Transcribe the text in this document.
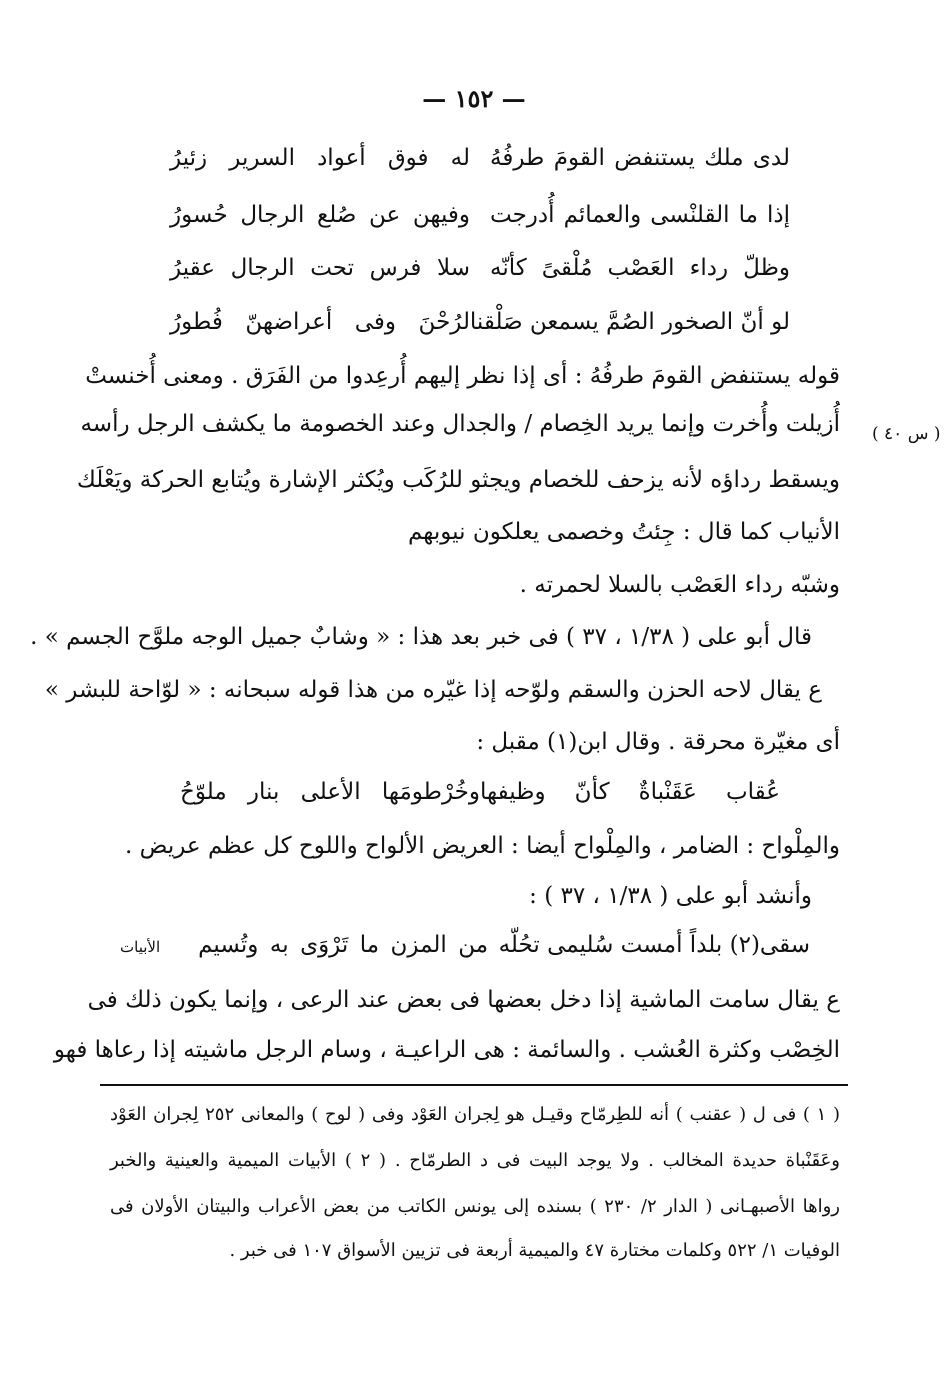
— ١٥٢ —
لدى ملك يستنفض القومَ طرفُهُ
له فوق أعواد السرير زئيرُ
إذا ما القلنْسى والعمائم أُدرجت
وفيهن عن صُلع الرجال حُسورُ
وظلّ رداء العَصْب مُلْقىً كأنّه
سلا فرس تحت الرجال عقيرُ
لو أنّ الصخور الصُمَّ يسمعن صَلْقنا
لرُحْنَ وفى أعراضهنّ فُطورُ
قوله يستنفض القومَ طرفُهُ : أى إذا نظر إليهم أُرعِدوا من الفَرَق . ومعنى أُخنستْ
أُزيلت وأُخرت وإنما يريد الخِصام / والجدال وعند الخصومة ما يكشف الرجل رأسه ( س ٤٠ )
ويسقط رداؤه لأنه يزحف للخصام ويجثو للرُكَب ويُكثر الإشارة ويُتابع الحركة ويَعْلَك
الأنياب كما قال : جِئتُ وخصمى يعلكون نيوبهم
وشبّه رداء العَصْب بالسلا لحمرته .
قال أبو على ( ١/٣٨ ، ٣٧ ) فى خبر بعد هذا : « وشابٌ جميل الوجه ملوَّح الجسم » .
ع يقال لاحه الحزن والسقم ولوّحه إذا غيّره من هذا قوله سبحانه : « لوّاحة للبشر »
أى مغيّرة محرقة . وقال ابن(١) مقبل :
عُقاب عَقَنْباةٌ كأنّ وظيفها
وخُرْطومَها الأعلى بنار ملوّحُ
والمِلْواح : الضامر ، والمِلْواح أيضا : العريض الألواح واللوح كل عظم عريض .
وأنشد أبو على ( ١/٣٨ ، ٣٧ ) :
سقى(٢) بلداً أمست سُليمى تحُلّه
من المزن ما تَرْوَى به وتُسيم
الأبيات
ع يقال سامت الماشية إذا دخل بعضها فى بعض عند الرعى ، وإنما يكون ذلك فى
الخِصْب وكثرة العُشب . والسائمة : هى الراعيـة ، وسام الرجل ماشيته إذا رعاها فهو
( ١ ) فى ل ( عقنب ) أنه للطِرمّاح وقيـل هو لِجران العَوْد وفى ( لوح ) والمعانى ٢٥٢ لِجران العَوْد
وعَقَنْباة حديدة المخالب . ولا يوجد البيت فى د الطرمّاح . ( ٢ ) الأبيات الميمية والعينية والخبر
رواها الأصبهـانى ( الدار ٢/ ٢٣٠ ) بسنده إلى يونس الكاتب من بعض الأعراب والبيتان الأولان فى
الوفيات ١/ ٥٢٢ وكلمات مختارة ٤٧ والميمية أربعة فى تزيين الأسواق ١٠٧ فى خبر .
